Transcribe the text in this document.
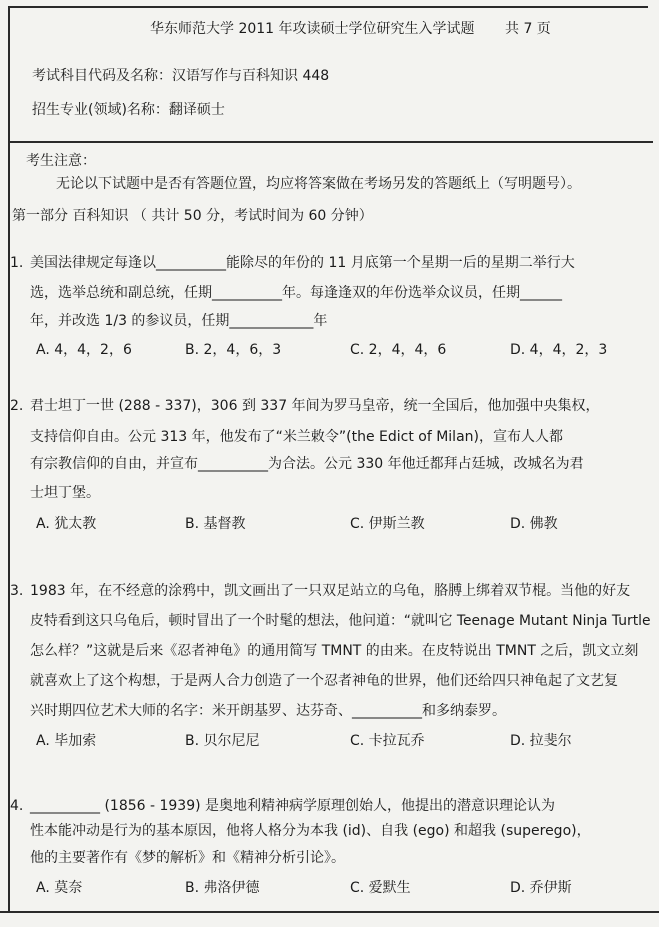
华东师范大学 2011 年攻读硕士学位研究生入学试题 共 7 页
考试科目代码及名称：汉语写作与百科知识 448
招生专业(领域)名称：翻译硕士
考生注意：
无论以下试题中是否有答题位置，均应将答案做在考场另发的答题纸上（写明题号）。
第一部分 百科知识 （ 共计 50 分，考试时间为 60 分钟）
1. 美国法律规定每逢以__________能除尽的年份的 11 月底第一个星期一后的星期二举行大
选，选举总统和副总统，任期__________年。每逢逢双的年份选举众议员，任期______
年，并改选 1/3 的参议员，任期____________年
A. 4，4，2，6	B. 2，4，6，3	C. 2，4，4，6	D. 4，4，2，3
2. 君士坦丁一世 (288 - 337)，306 到 337 年间为罗马皇帝，统一全国后，他加强中央集权，
支持信仰自由。公元 313 年，他发布了“米兰敕令”(the Edict of Milan)，宣布人人都
有宗教信仰的自由，并宣布__________为合法。公元 330 年他迁都拜占廷城，改城名为君
士坦丁堡。
A. 犹太教	B. 基督教	C. 伊斯兰教	D. 佛教
3. 1983 年，在不经意的涂鸦中，凯文画出了一只双足站立的乌龟，胳膊上绑着双节棍。当他的好友
皮特看到这只乌龟后，顿时冒出了一个时髦的想法，他问道：“就叫它 Teenage Mutant Ninja Turtle
怎么样？”这就是后来《忍者神龟》的通用简写 TMNT 的由来。在皮特说出 TMNT 之后，凯文立刻
就喜欢上了这个构想，于是两人合力创造了一个忍者神龟的世界，他们还给四只神龟起了文艺复
兴时期四位艺术大师的名字：米开朗基罗、达芬奇、__________和多纳泰罗。
A. 毕加索	B. 贝尔尼尼	C. 卡拉瓦乔	D. 拉斐尔
4. __________ (1856 - 1939) 是奥地利精神病学原理创始人，他提出的潜意识理论认为
性本能冲动是行为的基本原因，他将人格分为本我 (id)、自我 (ego) 和超我 (superego)，
他的主要著作有《梦的解析》和《精神分析引论》。
A. 莫奈	B. 弗洛伊德	C. 爱默生	D. 乔伊斯
